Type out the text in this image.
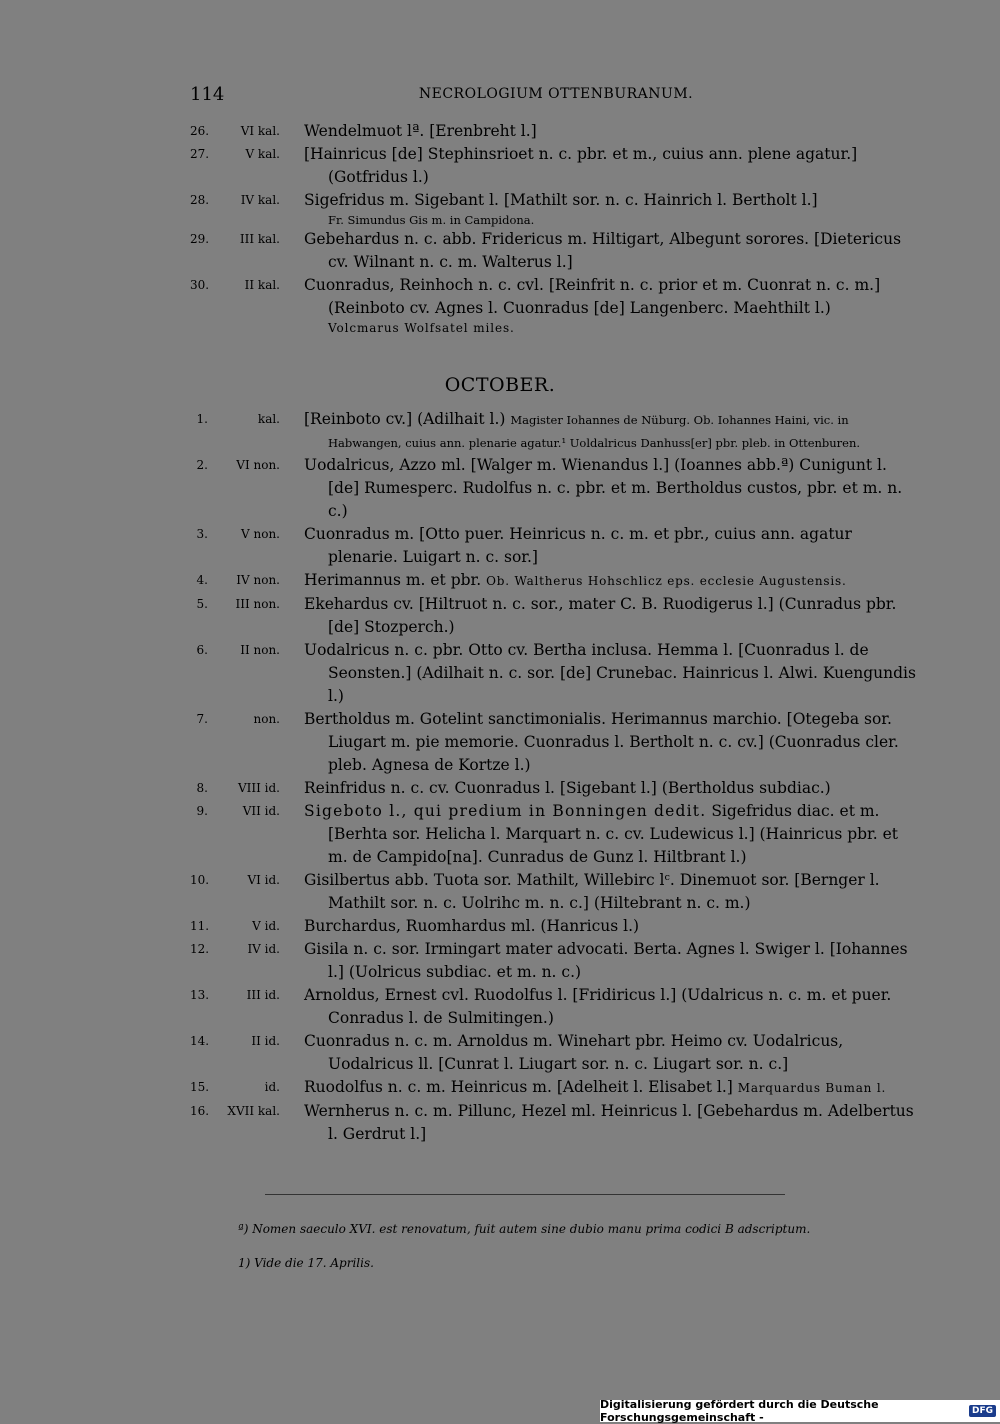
114	NECROLOGIUM OTTENBURANUM.
26.	VI kal. Wendelmuot lª. [Erenbreht l.]
27.	V kal. [Hainricus [de] Stephinsrioet n. c. pbr. et m., cuius ann. plene agatur.] (Gotfridus l.)
28.	IV kal. Sigefridus m. Sigebant l. [Mathilt sor. n. c. Hainrich l. Bertholt l.]
Fr. Simundus Gis m. in Campidona.
29.	III kal. Gebehardus n. c. abb. Fridericus m. Hiltigart, Albegunt sorores. [Dietericus cv. Wilnant n. c. m. Walterus l.]
30.	II kal. Cuonradus, Reinhoch n. c. cvl. [Reinfrit n. c. prior et m. Cuonrat n. c. m.] (Reinboto cv. Agnes l. Cuonradus [de] Langenberc. Maehthilt l.)
Volcmarus Wolfsatel miles.
OCTOBER.
1.	kal. [Reinboto cv.] (Adilhait l.) Magister Iohannes de Nüburg. Ob. Iohannes Haini, vic. in Habwangen, cuius ann. plenarie agatur.¹ Uoldalricus Danhuss[er] pbr. pleb. in Ottenburen.
2.	VI non. Uodalricus, Azzo ml. [Walger m. Wienandus l.] (Ioannes abb.ª) Cunigunt l. [de] Rumesperc. Rudolfus n. c. pbr. et m. Bertholdus custos, pbr. et m. n. c.)
3.	V non. Cuonradus m. [Otto puer. Heinricus n. c. m. et pbr., cuius ann. agatur plenarie. Luigart n. c. sor.]
4.	IV non. Herimannus m. et pbr. Ob. Waltherus Hohschlicz eps. ecclesie Augustensis.
5.	III non. Ekehardus cv. [Hiltruot n. c. sor., mater C. B. Ruodigerus l.] (Cunradus pbr. [de] Stozperch.)
6.	II non. Uodalricus n. c. pbr. Otto cv. Bertha inclusa. Hemma l. [Cuonradus l. de Seonsten.] (Adilhait n. c. sor. [de] Crunebac. Hainricus l. Alwi. Kuengundis l.)
7.	non. Bertholdus m. Gotelint sanctimonialis. Herimannus marchio. [Otegeba sor. Liugart m. pie memorie. Cuonradus l. Bertholt n. c. cv.] (Cuonradus cler. pleb. Agnesa de Kortze l.)
8.	VIII id. Reinfridus n. c. cv. Cuonradus l. [Sigebant l.] (Bertholdus subdiac.)
9.	VII id. Sigeboto l., qui predium in Bonningen dedit. Sigefridus diac. et m. [Berhta sor. Helicha l. Marquart n. c. cv. Ludewicus l.] (Hainricus pbr. et m. de Campido[na]. Cunradus de Gunz l. Hiltbrant l.)
10.	VI id. Gisilbertus abb. Tuota sor. Mathilt, Willebirc lᶜ. Dinemuot sor. [Bernger l. Mathilt sor. n. c. Uolrihc m. n. c.] (Hiltebrant n. c. m.)
11.	V id. Burchardus, Ruomhardus ml. (Hanricus l.)
12.	IV id. Gisila n. c. sor. Irmingart mater advocati. Berta. Agnes l. Swiger l. [Iohannes l.] (Uolricus subdiac. et m. n. c.)
13.	III id. Arnoldus, Ernest cvl. Ruodolfus l. [Fridiricus l.] (Udalricus n. c. m. et puer. Conradus l. de Sulmitingen.)
14.	II id. Cuonradus n. c. m. Arnoldus m. Winehart pbr. Heimo cv. Uodalricus, Uodalricus ll. [Cunrat l. Liugart sor. n. c. Liugart sor. n. c.]
15.	id. Ruodolfus n. c. m. Heinricus m. [Adelheit l. Elisabet l.] Marquardus Buman l.
16.	XVII kal. Wernherus n. c. m. Pillunc, Hezel ml. Heinricus l. [Gebehardus m. Adelbertus l. Gerdrut l.]
ª) Nomen saeculo XVI. est renovatum, fuit autem sine dubio manu prima codici B adscriptum.
1) Vide die 17. Aprilis.
Digitalisierung gefördert durch die Deutsche Forschungsgemeinschaft -	DFG
